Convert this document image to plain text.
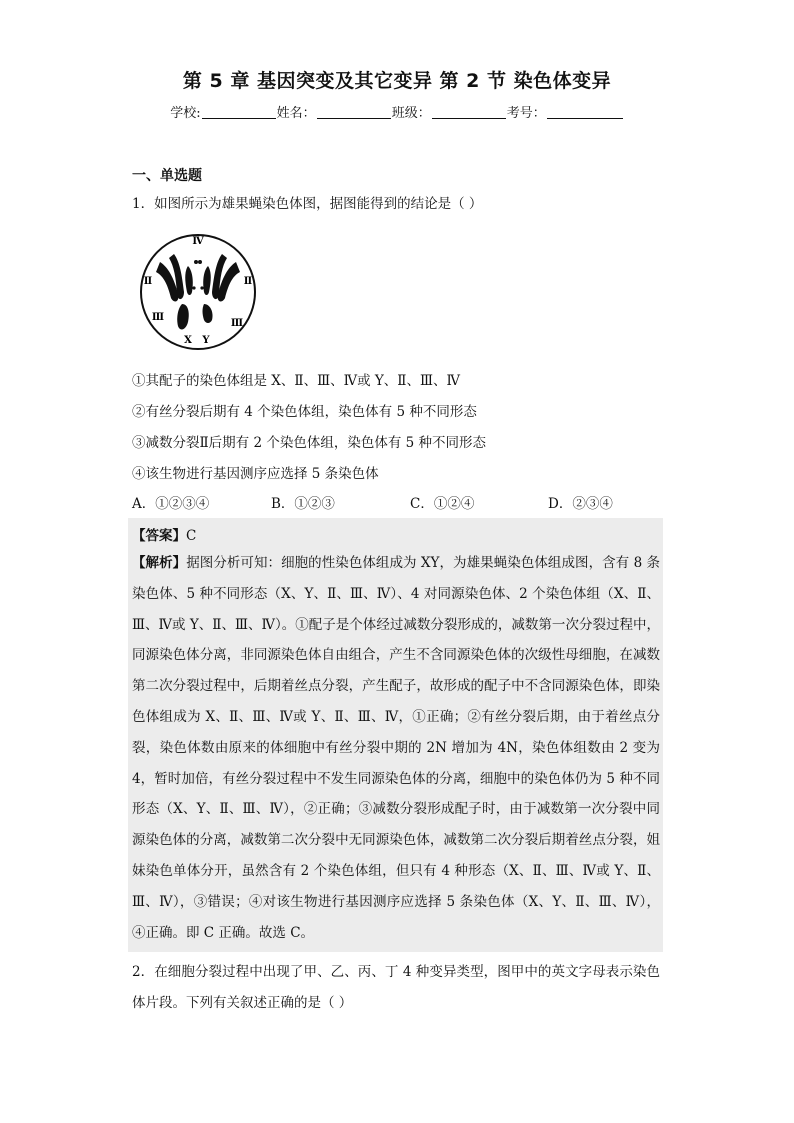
第 5 章 基因突变及其它变异 第 2 节 染色体变异
学校:	姓名：	班级：	考号：
一、单选题
1．如图所示为雄果蝇染色体图，据图能得到的结论是（ ）
Ⅳ
Ⅱ	Ⅱ
Ⅲ
Ⅲ
X Y
①其配子的染色体组是 X、Ⅱ、Ⅲ、Ⅳ或 Y、Ⅱ、Ⅲ、Ⅳ
②有丝分裂后期有 4 个染色体组，染色体有 5 种不同形态
③减数分裂Ⅱ后期有 2 个染色体组，染色体有 5 种不同形态
④该生物进行基因测序应选择 5 条染色体
A．①②③④	B．①②③	C．①②④	D．②③④
【答案】C
【解析】据图分析可知：细胞的性染色体组成为 XY，为雄果蝇染色体组成图，含有 8 条染色体、5 种不同形态（X、Y、Ⅱ、Ⅲ、Ⅳ）、4 对同源染色体、2 个染色体组（X、Ⅱ、Ⅲ、Ⅳ或 Y、Ⅱ、Ⅲ、Ⅳ）。①配子是个体经过减数分裂形成的，减数第一次分裂过程中，同源染色体分离，非同源染色体自由组合，产生不含同源染色体的次级性母细胞，在减数第二次分裂过程中，后期着丝点分裂，产生配子，故形成的配子中不含同源染色体，即染色体组成为 X、Ⅱ、Ⅲ、Ⅳ或 Y、Ⅱ、Ⅲ、Ⅳ，①正确；②有丝分裂后期，由于着丝点分裂，染色体数由原来的体细胞中有丝分裂中期的 2N 增加为 4N，染色体组数由 2 变为 4，暂时加倍，有丝分裂过程中不发生同源染色体的分离，细胞中的染色体仍为 5 种不同形态（X、Y、Ⅱ、Ⅲ、Ⅳ），②正确；③减数分裂形成配子时，由于减数第一次分裂中同源染色体的分离，减数第二次分裂中无同源染色体，减数第二次分裂后期着丝点分裂，姐妹染色单体分开，虽然含有 2 个染色体组，但只有 4 种形态（X、Ⅱ、Ⅲ、Ⅳ或 Y、Ⅱ、Ⅲ、Ⅳ），③错误；④对该生物进行基因测序应选择 5 条染色体（X、Y、Ⅱ、Ⅲ、Ⅳ），④正确。即 C 正确。故选 C。
2．在细胞分裂过程中出现了甲、乙、丙、丁 4 种变异类型，图甲中的英文字母表示染色体片段。下列有关叙述正确的是（ ）
